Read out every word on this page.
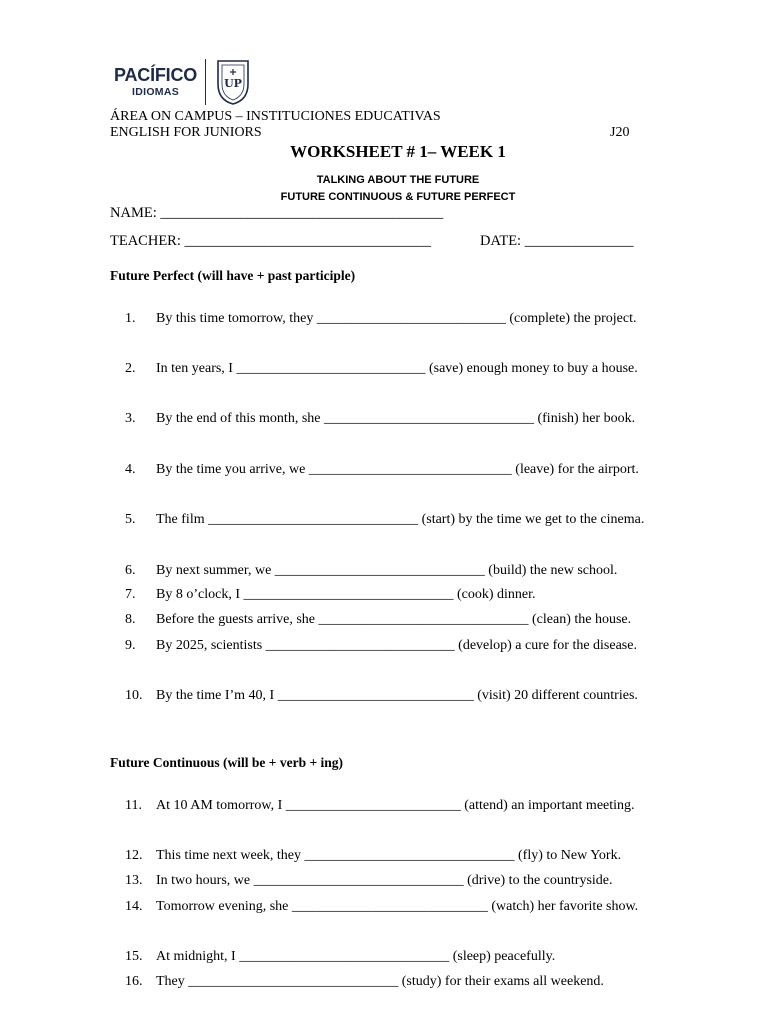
PACÍFICO
IDIOMAS
UP
ÁREA ON CAMPUS – INSTITUCIONES EDUCATIVAS
ENGLISH FOR JUNIORS	J20
WORKSHEET # 1– WEEK 1
TALKING ABOUT THE FUTURE
FUTURE CONTINUOUS & FUTURE PERFECT
NAME: _______________________________________
TEACHER: __________________________________	DATE: _______________
Future Perfect (will have + past participle)
1.	By this time tomorrow, they ___________________________ (complete) the project.
2.	In ten years, I ___________________________ (save) enough money to buy a house.
3.	By the end of this month, she ______________________________ (finish) her book.
4.	By the time you arrive, we _____________________________ (leave) for the airport.
5.	The film ______________________________ (start) by the time we get to the cinema.
6.	By next summer, we ______________________________ (build) the new school.
7.	By 8 o’clock, I ______________________________ (cook) dinner.
8.	Before the guests arrive, she ______________________________ (clean) the house.
9.	By 2025, scientists ___________________________ (develop) a cure for the disease.
10. By the time I’m 40, I ____________________________ (visit) 20 different countries.
Future Continuous (will be + verb + ing)
11.	At 10 AM tomorrow, I _________________________ (attend) an important meeting.
12. This time next week, they ______________________________ (fly) to New York.
13. In two hours, we ______________________________ (drive) to the countryside.
14. Tomorrow evening, she ____________________________ (watch) her favorite show.
15. At midnight, I ______________________________ (sleep) peacefully.
16. They ______________________________ (study) for their exams all weekend.
